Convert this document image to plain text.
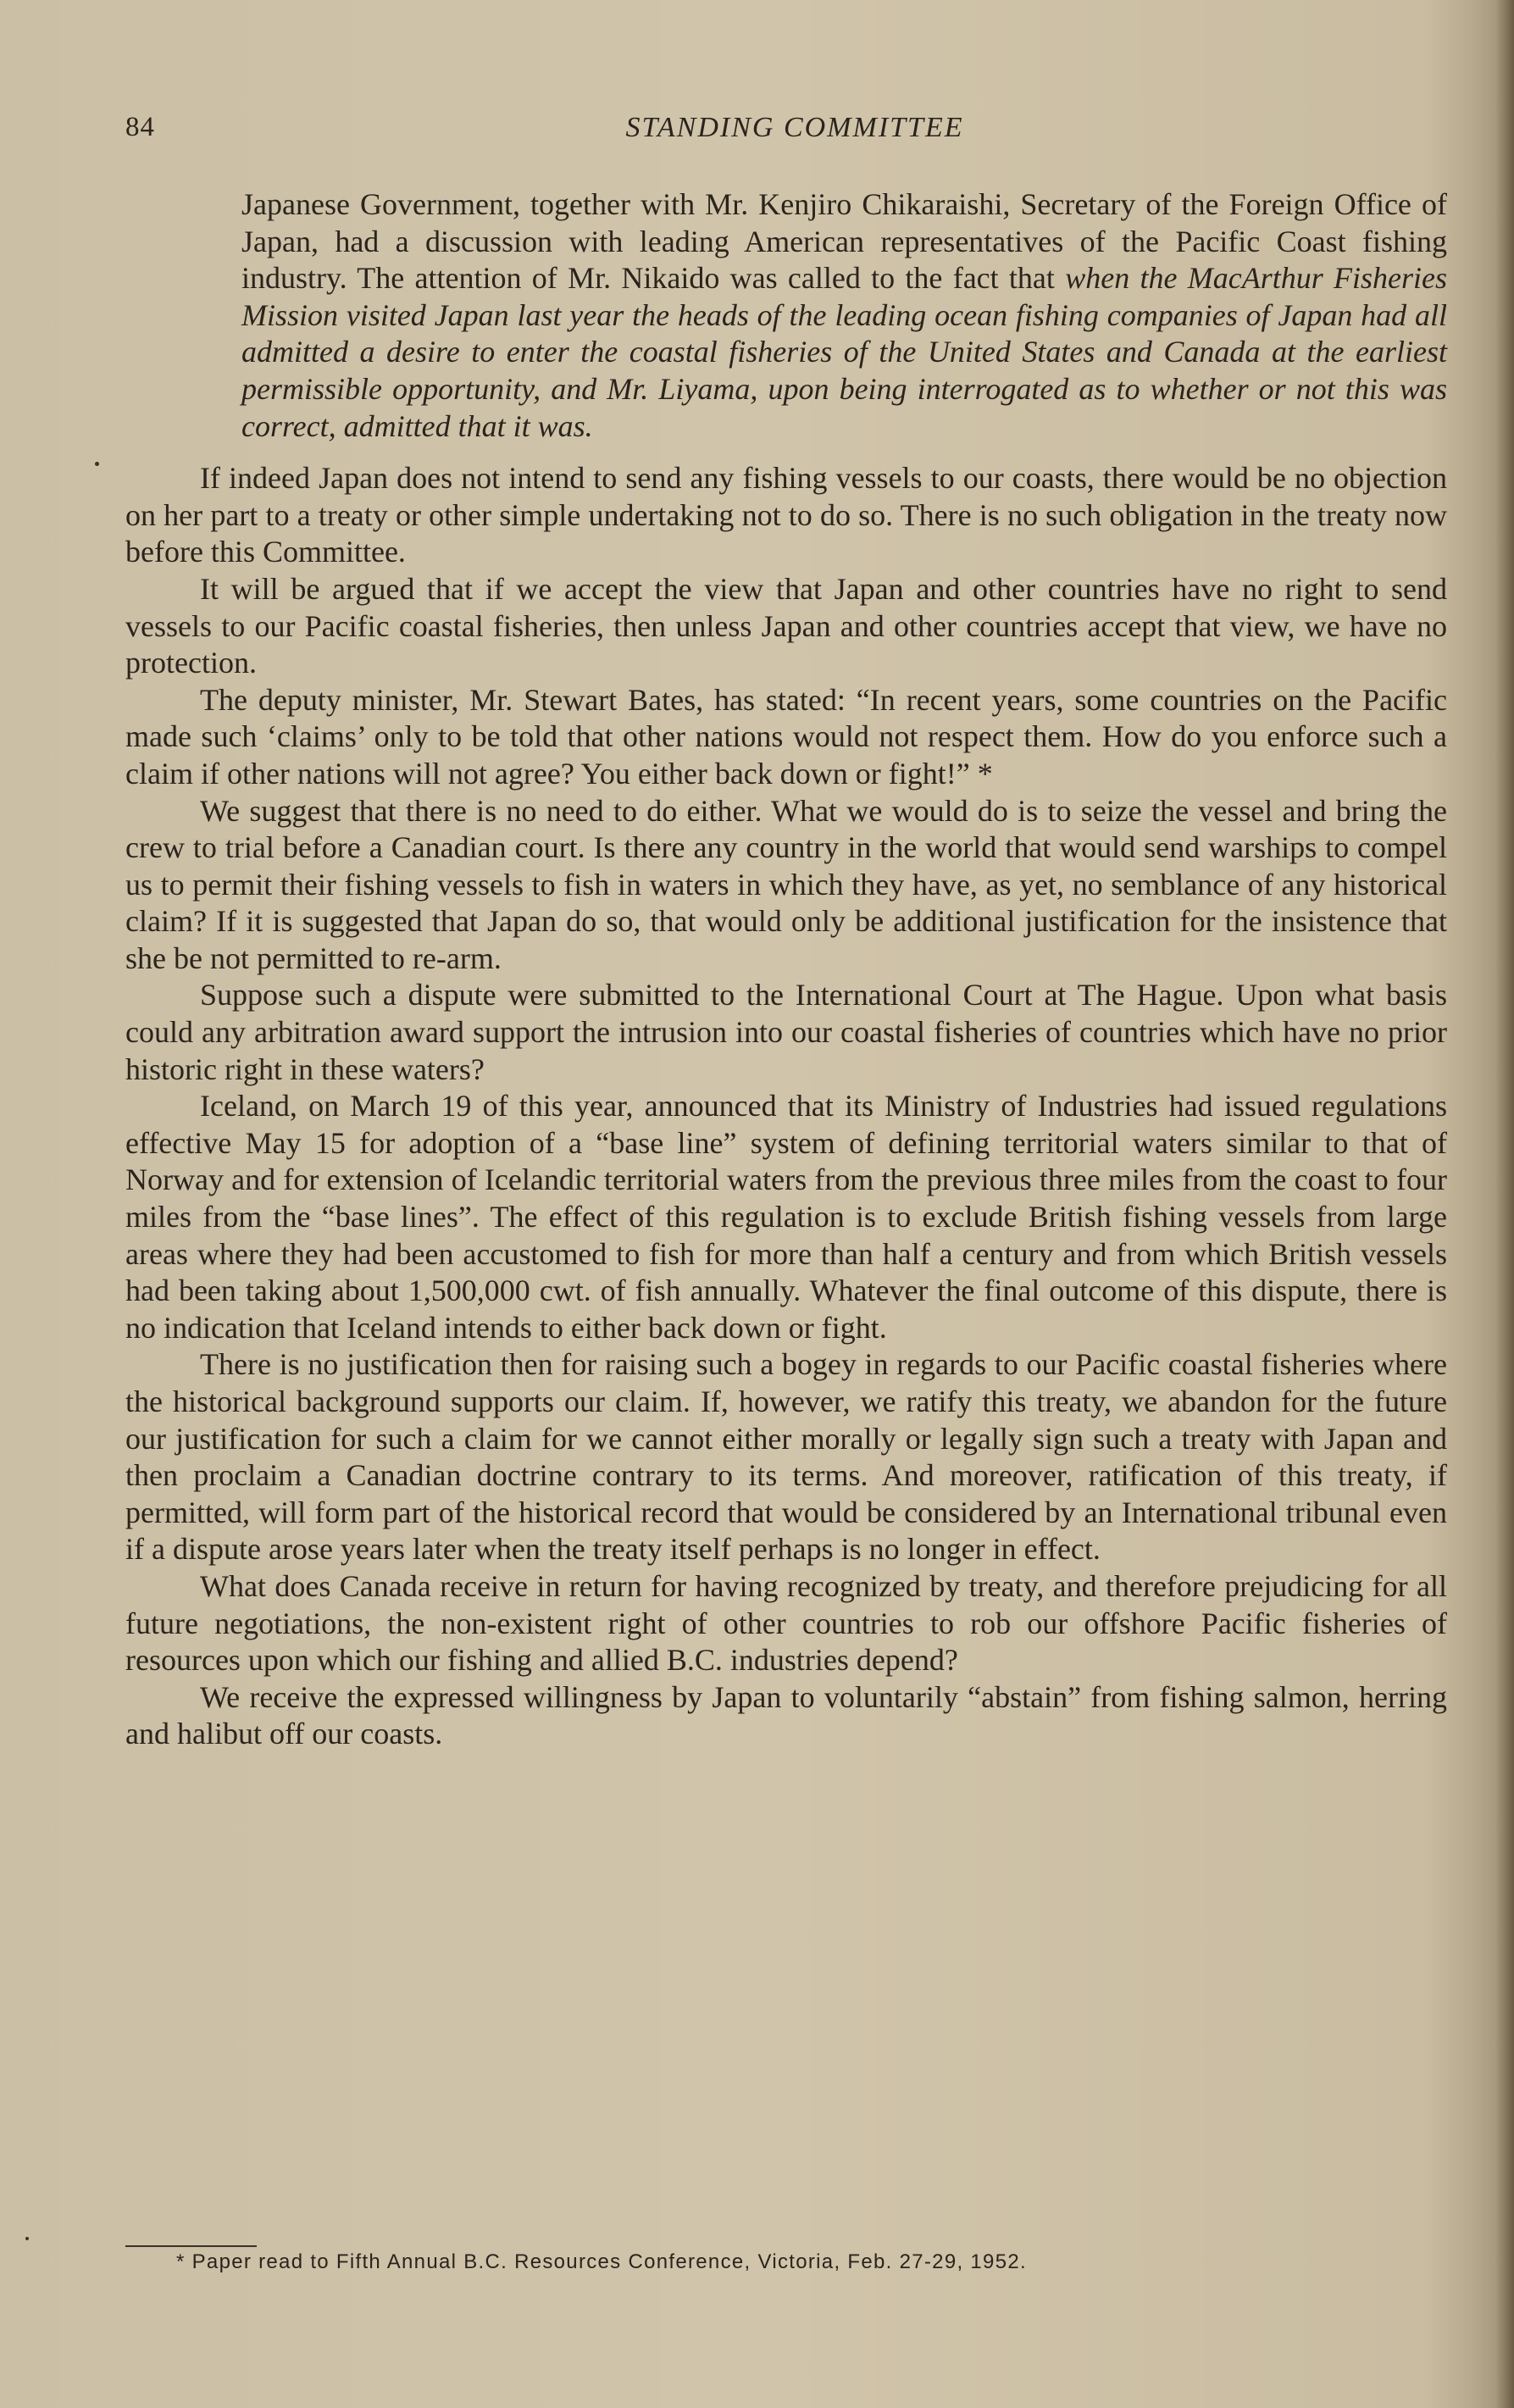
84	STANDING COMMITTEE

Japanese Government, together with Mr. Kenjiro Chikaraishi, Secretary of the Foreign Office of Japan, had a discussion with leading American representatives of the Pacific Coast fishing industry. The attention of Mr. Nikaido was called to the fact that when the MacArthur Fisheries Mission visited Japan last year the heads of the leading ocean fishing companies of Japan had all admitted a desire to enter the coastal fisheries of the United States and Canada at the earliest permissible opportunity, and Mr. Liyama, upon being interrogated as to whether or not this was correct, admitted that it was.

If indeed Japan does not intend to send any fishing vessels to our coasts, there would be no objection on her part to a treaty or other simple undertaking not to do so. There is no such obligation in the treaty now before this Committee.

It will be argued that if we accept the view that Japan and other countries have no right to send vessels to our Pacific coastal fisheries, then unless Japan and other countries accept that view, we have no protection.

The deputy minister, Mr. Stewart Bates, has stated: “In recent years, some countries on the Pacific made such ‘claims’ only to be told that other nations would not respect them. How do you enforce such a claim if other nations will not agree? You either back down or fight!” *

We suggest that there is no need to do either. What we would do is to seize the vessel and bring the crew to trial before a Canadian court. Is there any country in the world that would send warships to compel us to permit their fishing vessels to fish in waters in which they have, as yet, no semblance of any historical claim? If it is suggested that Japan do so, that would only be additional justification for the insistence that she be not permitted to re-arm.

Suppose such a dispute were submitted to the International Court at The Hague. Upon what basis could any arbitration award support the intrusion into our coastal fisheries of countries which have no prior historic right in these waters?

Iceland, on March 19 of this year, announced that its Ministry of Industries had issued regulations effective May 15 for adoption of a “base line” system of defining territorial waters similar to that of Norway and for extension of Icelandic territorial waters from the previous three miles from the coast to four miles from the “base lines”. The effect of this regulation is to exclude British fishing vessels from large areas where they had been accustomed to fish for more than half a century and from which British vessels had been taking about 1,500,000 cwt. of fish annually. Whatever the final outcome of this dispute, there is no indication that Iceland intends to either back down or fight.

There is no justification then for raising such a bogey in regards to our Pacific coastal fisheries where the historical background supports our claim. If, however, we ratify this treaty, we abandon for the future our justification for such a claim for we cannot either morally or legally sign such a treaty with Japan and then proclaim a Canadian doctrine contrary to its terms. And moreover, ratification of this treaty, if permitted, will form part of the historical record that would be considered by an International tribunal even if a dispute arose years later when the treaty itself perhaps is no longer in effect.

What does Canada receive in return for having recognized by treaty, and therefore prejudicing for all future negotiations, the non-existent right of other countries to rob our offshore Pacific fisheries of resources upon which our fishing and allied B.C. industries depend?

We receive the expressed willingness by Japan to voluntarily “abstain” from fishing salmon, herring and halibut off our coasts.

* Paper read to Fifth Annual B.C. Resources Conference, Victoria, Feb. 27-29, 1952.
